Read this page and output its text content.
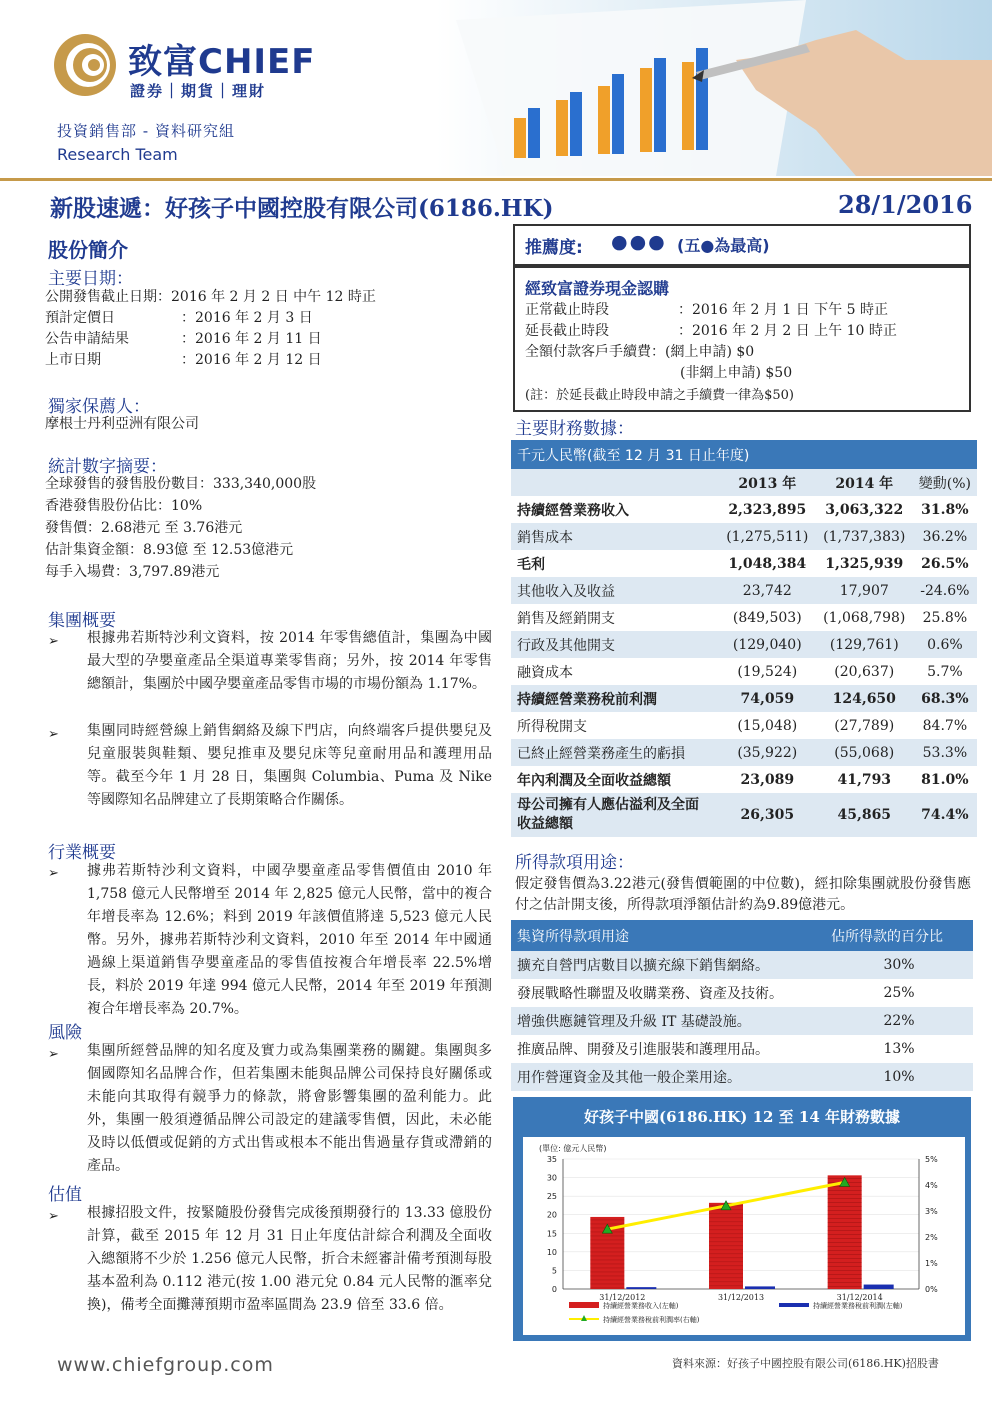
致富CHIEF
證券｜期貨｜理財
投資銷售部 - 資料研究組
Research Team
新股速遞：好孩子中國控股有限公司(6186.HK)	28/1/2016
股份簡介
主要日期：
公開發售截止日期：2016 年 2 月 2 日 中午 12 時正
預計定價日	：2016 年 2 月 3 日
公告申請結果	：2016 年 2 月 11 日
上市日期	：2016 年 2 月 12 日
獨家保薦人：
摩根士丹利亞洲有限公司
統計數字摘要：
全球發售的發售股份數目：333,340,000股
香港發售股份佔比：10%
發售價：2.68港元 至 3.76港元
估計集資金額：8.93億 至 12.53億港元
每手入場費：3,797.89港元
集團概要
➢ 根據弗若斯特沙利文資料，按 2014 年零售總值計，集團為中國最大型的孕嬰童產品全渠道專業零售商；另外，按 2014 年零售總額計，集團於中國孕嬰童產品零售市場的市場份額為 1.17%。
➢ 集團同時經營線上銷售網絡及線下門店，向終端客戶提供嬰兒及兒童服裝與鞋類、嬰兒推車及嬰兒床等兒童耐用品和護理用品等。截至今年 1 月 28 日，集團與 Columbia、Puma 及 Nike 等國際知名品牌建立了長期策略合作關係。
行業概要
➢ 據弗若斯特沙利文資料，中國孕嬰童產品零售價值由 2010 年 1,758 億元人民幣增至 2014 年 2,825 億元人民幣，當中的複合年增長率為 12.6%；料到 2019 年該價值將達 5,523 億元人民幣。另外，據弗若斯特沙利文資料，2010 年至 2014 年中國通過線上渠道銷售孕嬰童產品的零售值按複合年增長率 22.5%增長，料於 2019 年達 994 億元人民幣，2014 年至 2019 年預測複合年增長率為 20.7%。
風險
➢ 集團所經營品牌的知名度及實力或為集團業務的關鍵。集團與多個國際知名品牌合作，但若集團未能與品牌公司保持良好關係或未能向其取得有競爭力的條款，將會影響集團的盈利能力。此外，集團一般須遵循品牌公司設定的建議零售價，因此，未必能及時以低價或促銷的方式出售或根本不能出售過量存貨或滯銷的產品。
估值
➢ 根據招股文件，按緊隨股份發售完成後預期發行的 13.33 億股份計算，截至 2015 年 12 月 31 日止年度估計綜合利潤及全面收入總額將不少於 1.256 億元人民幣，折合未經審計備考預測每股基本盈利為 0.112 港元(按 1.00 港元兌 0.84 元人民幣的滙率兌換)，備考全面攤薄預期市盈率區間為 23.9 倍至 33.6 倍。
推薦度: ●●● (五●為最高)
經致富證券現金認購
正常截止時段	：2016 年 2 月 1 日 下午 5 時正
延長截止時段	：2016 年 2 月 2 日 上午 10 時正
全額付款客戶手續費：(網上申請) $0
(非網上申請) $50
(註：於延長截止時段申請之手續費一律為$50)
主要財務數據：
千元人民幣(截至 12 月 31 日止年度)			
	2013 年	2014 年	變動(%)
持續經營業務收入	2,323,895	3,063,322	31.8%
銷售成本	(1,275,511)	(1,737,383)	36.2%
毛利	1,048,384	1,325,939	26.5%
其他收入及收益	23,742	17,907	-24.6%
銷售及經銷開支	(849,503)	(1,068,798)	25.8%
行政及其他開支	(129,040)	(129,761)	0.6%
融資成本	(19,524)	(20,637)	5.7%
持續經營業務稅前利潤	74,059	124,650	68.3%
所得稅開支	(15,048)	(27,789)	84.7%
已終止經營業務產生的虧損	(35,922)	(55,068)	53.3%
年內利潤及全面收益總額	23,089	41,793	81.0%
母公司擁有人應佔溢利及全面收益總額	26,305	45,865	74.4%
所得款項用途：
假定發售價為3.22港元(發售價範圍的中位數)，經扣除集團就股份發售應付之估計開支後，所得款項淨額估計約為9.89億港元。
集資所得款項用途	佔所得款的百分比
擴充自營門店數目以擴充線下銷售網絡。	30%
發展戰略性聯盟及收購業務、資產及技術。	25%
增強供應鏈管理及升級 IT 基礎設施。	22%
推廣品牌、開發及引進服裝和護理用品。	13%
用作營運資金及其他一般企業用途。	10%
好孩子中國(6186.HK) 12 至 14 年財務數據
(單位: 億元人民幣)
0
5
10
15
20
25
30
35
0%
1%
2%
3%
4%
5%
31/12/2012	31/12/2013	31/12/2014
持續經營業務收入(左軸)	持續經營業務稅前利潤(左軸)
持續經營業務稅前利潤率(右軸)
www.chiefgroup.com	資料來源：好孩子中國控股有限公司(6186.HK)招股書
